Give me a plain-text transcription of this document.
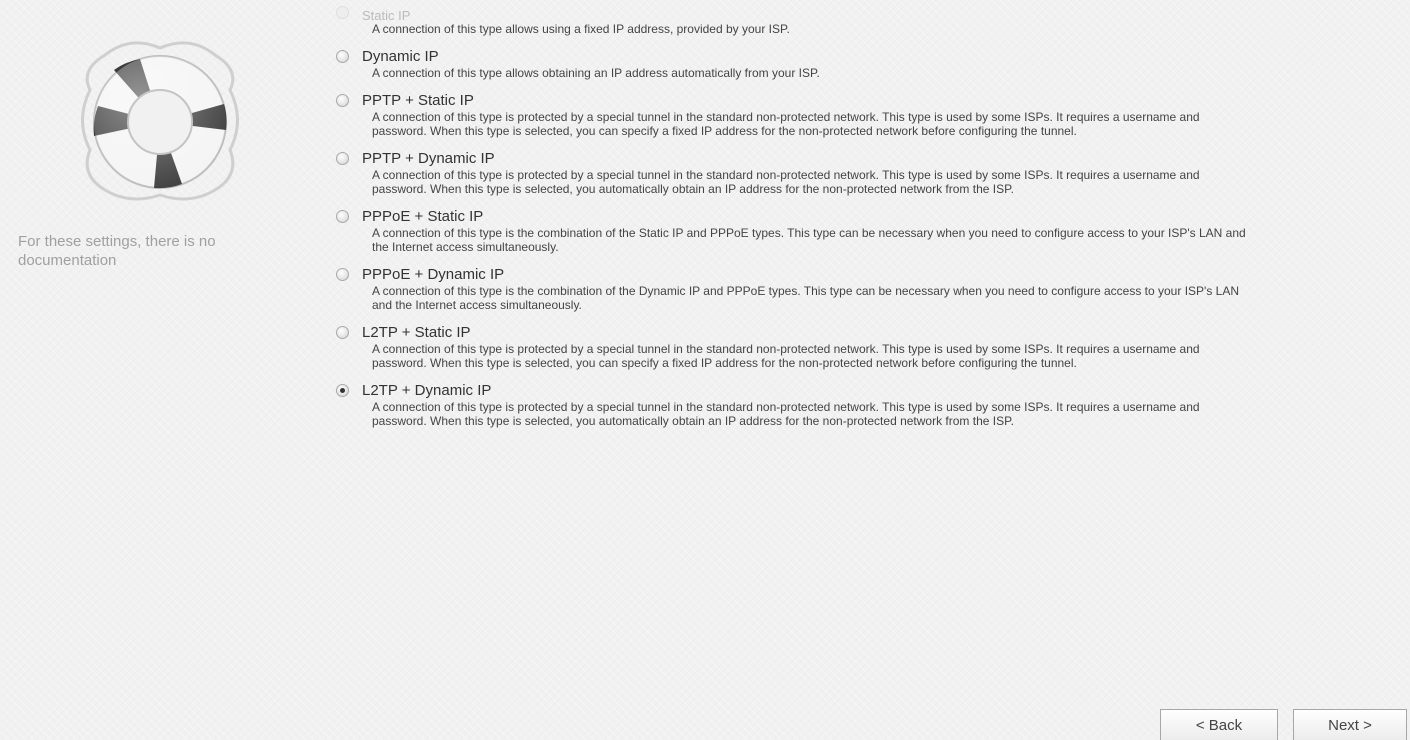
For these settings, there is no documentation
Static IP
A connection of this type allows using a fixed IP address, provided by your ISP.
Dynamic IP
A connection of this type allows obtaining an IP address automatically from your ISP.
PPTP + Static IP
A connection of this type is protected by a special tunnel in the standard non-protected network. This type is used by some ISPs. It requires a username and password. When this type is selected, you can specify a fixed IP address for the non-protected network before configuring the tunnel.
PPTP + Dynamic IP
A connection of this type is protected by a special tunnel in the standard non-protected network. This type is used by some ISPs. It requires a username and password. When this type is selected, you automatically obtain an IP address for the non-protected network from the ISP.
PPPoE + Static IP
A connection of this type is the combination of the Static IP and PPPoE types. This type can be necessary when you need to configure access to your ISP's LAN and the Internet access simultaneously.
PPPoE + Dynamic IP
A connection of this type is the combination of the Dynamic IP and PPPoE types. This type can be necessary when you need to configure access to your ISP's LAN and the Internet access simultaneously.
L2TP + Static IP
A connection of this type is protected by a special tunnel in the standard non-protected network. This type is used by some ISPs. It requires a username and password. When this type is selected, you can specify a fixed IP address for the non-protected network before configuring the tunnel.
L2TP + Dynamic IP
A connection of this type is protected by a special tunnel in the standard non-protected network. This type is used by some ISPs. It requires a username and password. When this type is selected, you automatically obtain an IP address for the non-protected network from the ISP.
< Back	Next >
